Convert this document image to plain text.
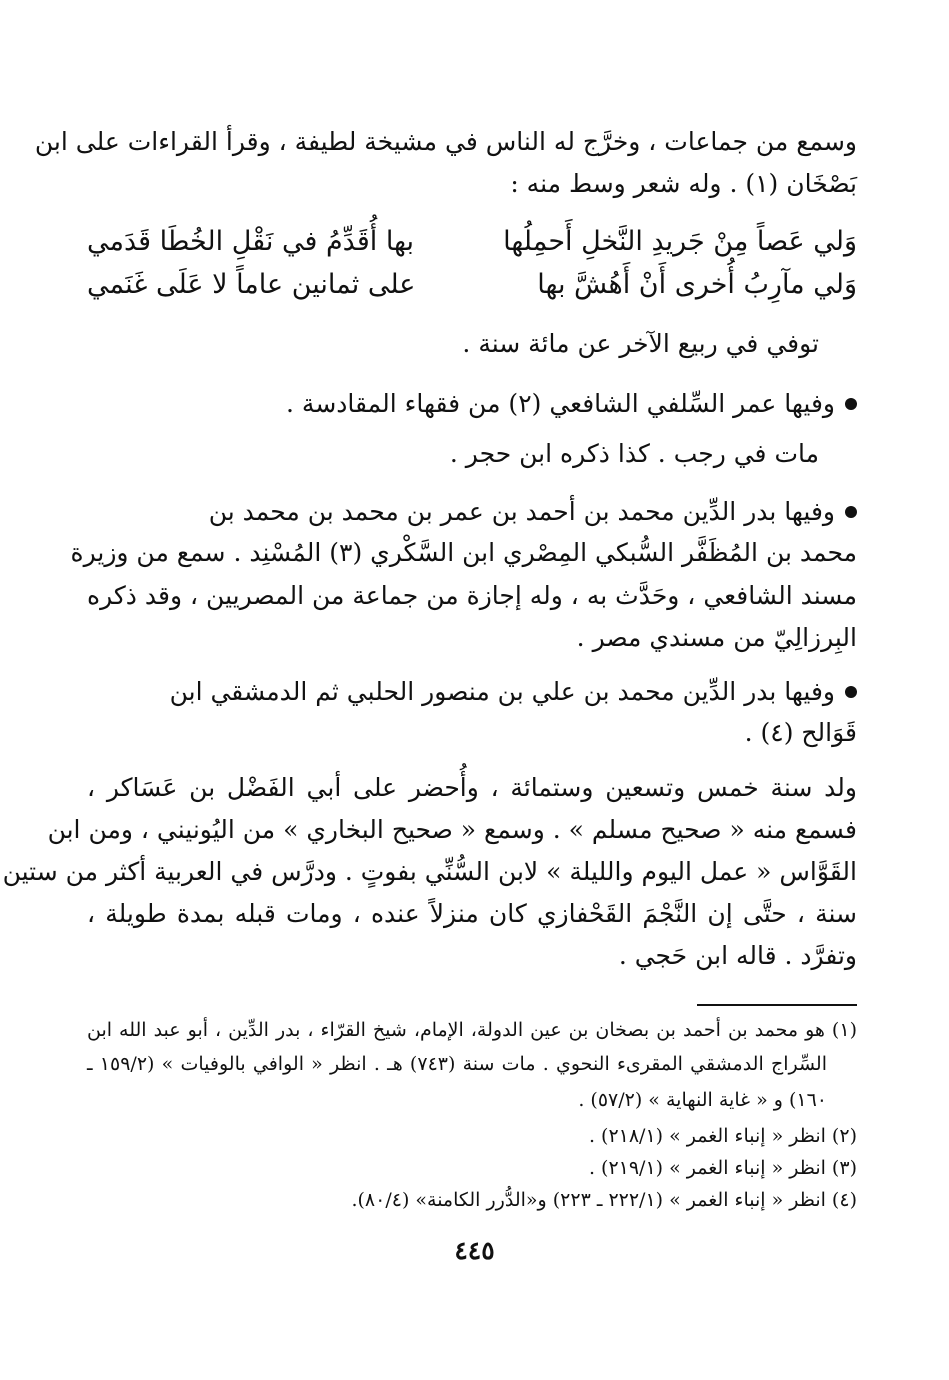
وسمع من جماعات ، وخرَّج له الناس في مشيخة لطيفة ، وقرأ القراءات على ابن
بَصْخَان (١) . وله شعر وسط منه :
وَلي عَصاً مِنْ جَريدِ النَّخلِ أَحمِلُها
بها أُقَدِّمُ في نَقْلِ الخُطَا قَدَمي
وَلي مآرِبُ أُخرى أَنْ أَهُشَّ بها
على ثمانين عاماً لا عَلَى غَنَمي
توفي في ربيع الآخر عن مائة سنة .
وفيها عمر السِّلفي الشافعي (٢) من فقهاء المقادسة .
مات في رجب . كذا ذكره ابن حجر .
وفيها بدر الدِّين محمد بن أحمد بن عمر بن محمد بن محمد بن
محمد بن المُظَفَّر السُّبكي المِصْري ابن السَّكْري (٣) المُسْنِد . سمع من وزيرة
مسند الشافعي ، وحَدَّث به ، وله إجازة من جماعة من المصريين ، وقد ذكره
البِرزالِيّ من مسندي مصر .
وفيها بدر الدِّين محمد بن علي بن منصور الحلبي ثم الدمشقي ابن
قَوَالح (٤) .
ولد سنة خمس وتسعين وستمائة ، وأُحضر على أبي الفَضْل بن عَسَاكر ،
فسمع منه « صحيح مسلم » . وسمع « صحيح البخاري » من اليُونيني ، ومن ابن
القَوَّاس « عمل اليوم والليلة » لابن السُّنِّي بفوتٍ . ودرَّس في العربية أكثر من ستين
سنة ، حتَّى إن النَّجْمَ القَحْفازي كان منزلاً عنده ، ومات قبله بمدة طويلة ،
وتفرَّد . قاله ابن حَجي .
(١) هو محمد بن أحمد بن بصخان بن عين الدولة، الإمام، شيخ القرّاء ، بدر الدِّين ، أبو عبد الله ابن
السِّراج الدمشقي المقرىء النحوي . مات سنة (٧٤٣) هـ . انظر « الوافي بالوفيات » (١٥٩/٢ ـ
١٦٠) و « غاية النهاية » (٥٧/٢) .
(٢) انظر « إنباء الغمر » (٢١٨/١) .
(٣) انظر « إنباء الغمر » (٢١٩/١) .
(٤) انظر « إنباء الغمر » (٢٢٢/١ ـ ٢٢٣) و«الدُّرر الكامنة» (٨٠/٤).
٤٤٥
